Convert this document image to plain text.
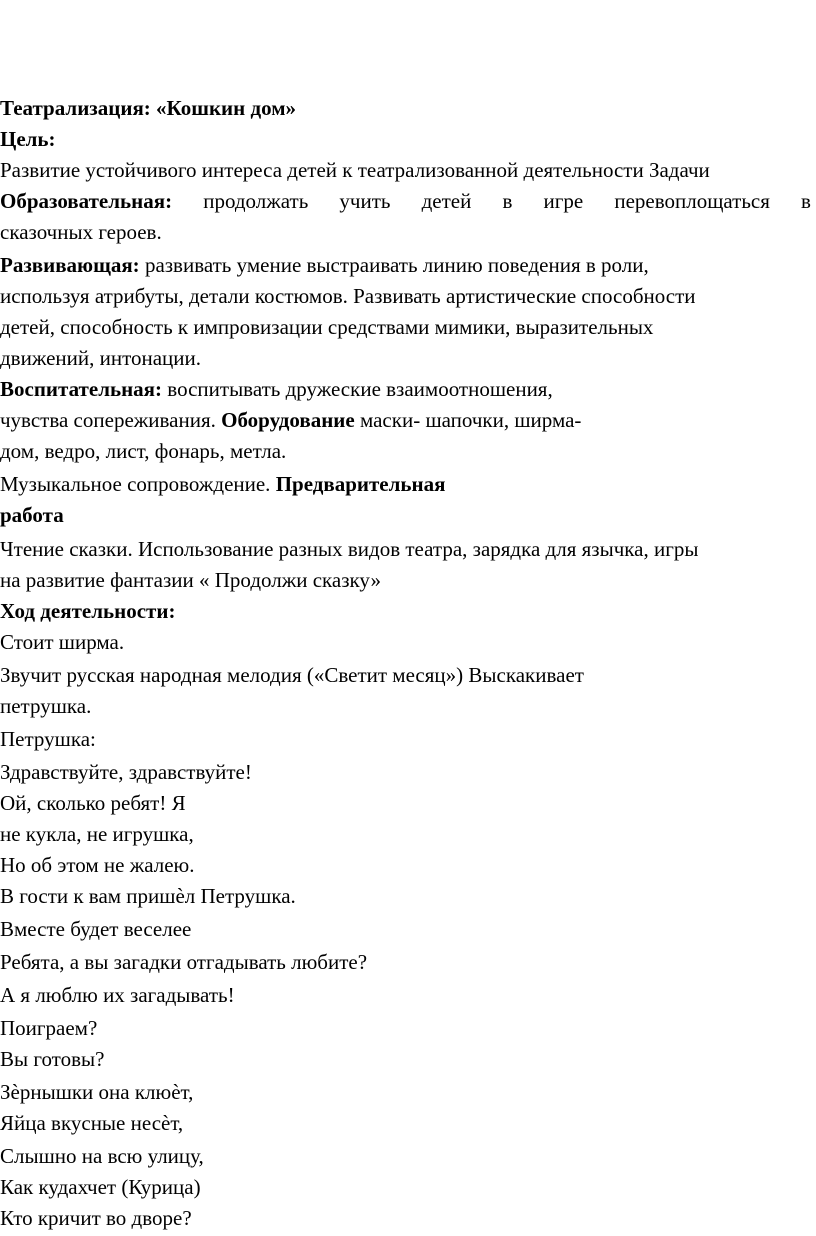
Театрализация: «Кошкин дом»
Цель:
Развитие устойчивого интереса детей к театрализованной деятельности Задачи
Образовательная: продолжать учить детей в игре перевоплощаться в
сказочных героев.
Развивающая: развивать умение выстраивать линию поведения в роли,
используя атрибуты, детали костюмов. Развивать артистические способности
детей, способность к импровизации средствами мимики, выразительных
движений, интонации.
Воспитательная: воспитывать дружеские взаимоотношения,
чувства сопереживания. Оборудование маски- шапочки, ширма-
дом, ведро, лист, фонарь, метла.
Музыкальное сопровождение. Предварительная
работа
Чтение сказки. Использование разных видов театра, зарядка для язычка, игры
на развитие фантазии « Продолжи сказку»
Ход деятельности:
Стоит ширма.
Звучит русская народная мелодия («Светит месяц») Выскакивает
петрушка.
Петрушка:
Здравствуйте, здравствуйте!
Ой, сколько ребят! Я
не кукла, не игрушка,
Но об этом не жалею.
В гости к вам пришѐл Петрушка.
Вместе будет веселее
Ребята, а вы загадки отгадывать любите?
А я люблю их загадывать!
Поиграем?
Вы готовы?
Зѐрнышки она клюѐт,
Яйца вкусные несѐт,
Слышно на всю улицу,
Как кудахчет (Курица)
Кто кричит во дворе?
